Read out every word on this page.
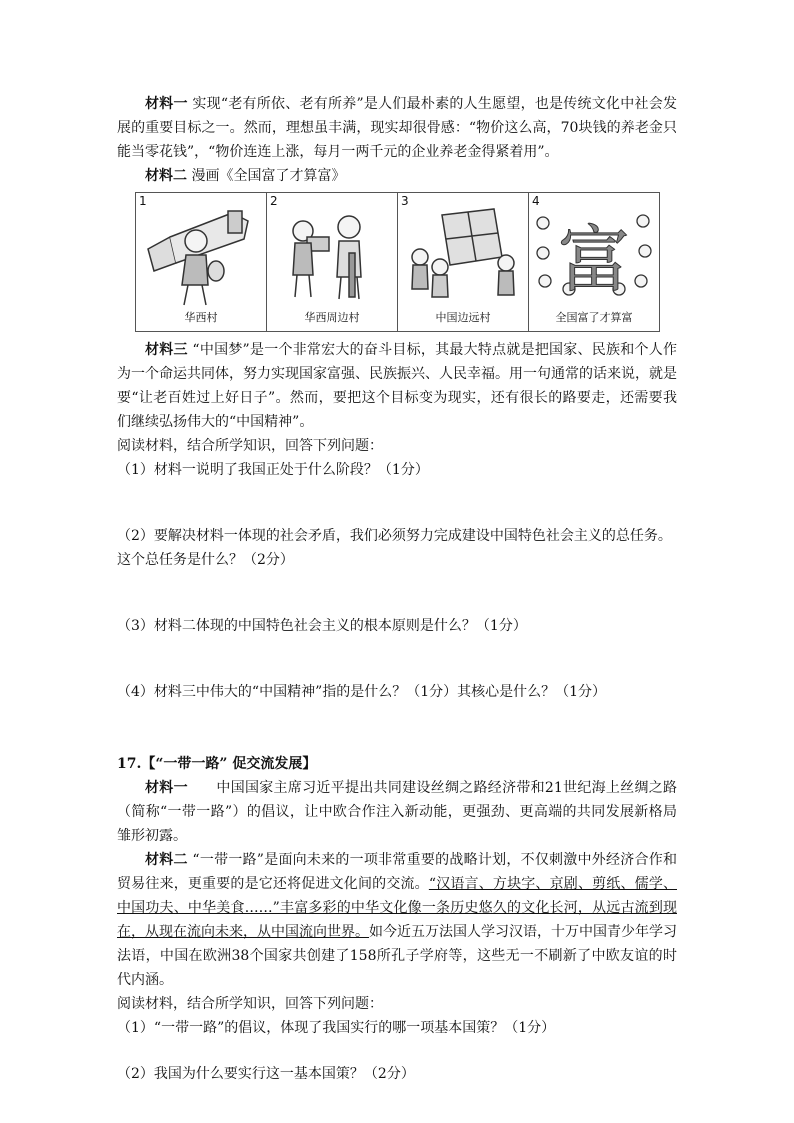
材料一 实现“老有所依、老有所养”是人们最朴素的人生愿望，也是传统文化中社会发展的重要目标之一。然而，理想虽丰满，现实却很骨感：“物价这么高，70块钱的养老金只能当零花钱”，“物价连连上涨，每月一两千元的企业养老金得紧着用”。

材料二 漫画《全国富了才算富》

1
华西村
2
华西周边村
3
中国边远村
4
富
全国富了才算富

材料三 “中国梦”是一个非常宏大的奋斗目标，其最大特点就是把国家、民族和个人作为一个命运共同体，努力实现国家富强、民族振兴、人民幸福。用一句通常的话来说，就是要“让老百姓过上好日子”。然而，要把这个目标变为现实，还有很长的路要走，还需要我们继续弘扬伟大的“中国精神”。

阅读材料，结合所学知识，回答下列问题：

（1）材料一说明了我国正处于什么阶段？（1分）

（2）要解决材料一体现的社会矛盾，我们必须努力完成建设中国特色社会主义的总任务。这个总任务是什么？（2分）

（3）材料二体现的中国特色社会主义的根本原则是什么？（1分）

（4）材料三中伟大的“中国精神”指的是什么？（1分）其核心是什么？（1分）

17.【“一带一路” 促交流发展】

材料一　　中国国家主席习近平提出共同建设丝绸之路经济带和21世纪海上丝绸之路（简称“一带一路”）的倡议，让中欧合作注入新动能，更强劲、更高端的共同发展新格局雏形初露。

材料二 “一带一路”是面向未来的一项非常重要的战略计划，不仅刺激中外经济合作和贸易往来，更重要的是它还将促进文化间的交流。“汉语言、方块字、京剧、剪纸、儒学、中国功夫、中华美食……”丰富多彩的中华文化像一条历史悠久的文化长河，从远古流到现在，从现在流向未来，从中国流向世界。如今近五万法国人学习汉语，十万中国青少年学习法语，中国在欧洲38个国家共创建了158所孔子学府等，这些无一不刷新了中欧友谊的时代内涵。

阅读材料，结合所学知识，回答下列问题：

（1）“一带一路”的倡议，体现了我国实行的哪一项基本国策？（1分）

（2）我国为什么要实行这一基本国策？（2分）
